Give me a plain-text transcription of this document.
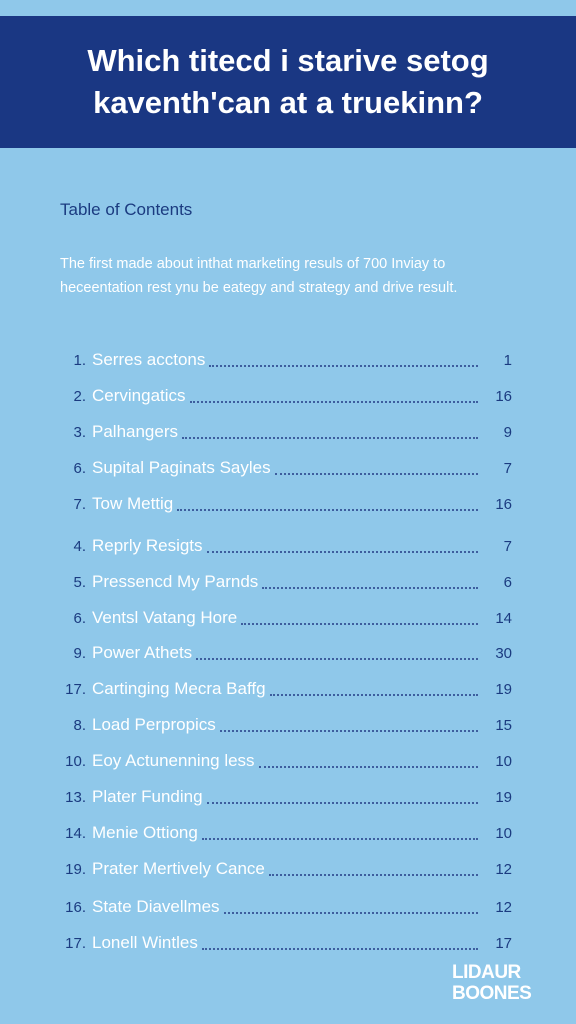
Which titecd i starive setog kaventh'can at a truekinn?
Table of Contents

The first made about inthat marketing resuls of 700 Inviay to
heceentation rest ynu be eategy and strategy and drive result.

1. Serres acctons	1
2. Cervingatics	16
3. Palhangers	9
6. Supital Paginats Sayles	7
7. Tow Mettig	16
4. Reprly Resigts	7
5. Pressencd My Parnds	6
6. Ventsl Vatang Hore	14
9. Power Athets	30
17. Cartinging Mecra Baffg	19
8. Load Perpropics	15
10. Eoy Actunenning less	10
13. Plater Funding	19
14. Menie Ottiong	10
19. Prater Mertively Cance	12
16. State Diavellmes	12
17. Lonell Wintles	17
LIDAUR
BOONES
